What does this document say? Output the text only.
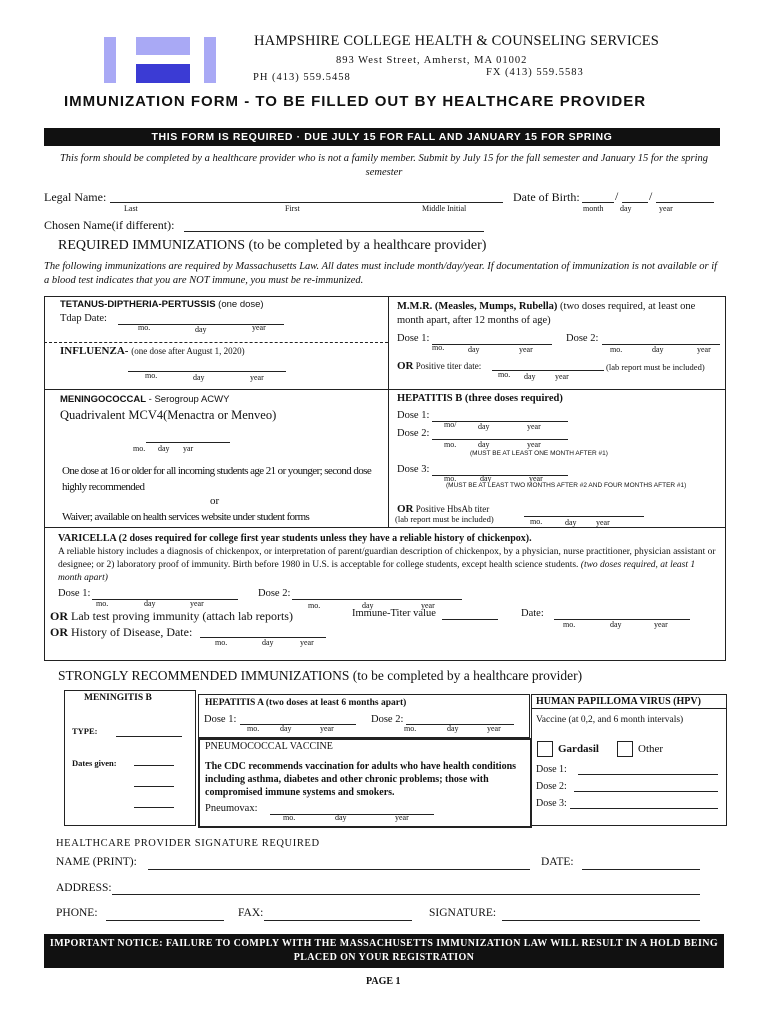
HAMPSHIRE COLLEGE HEALTH & COUNSELING SERVICES
893 West Street, Amherst, MA 01002
PH (413) 559.5458	FX (413) 559.5583
IMMUNIZATION FORM - TO BE FILLED OUT BY HEALTHCARE PROVIDER
THIS FORM IS REQUIRED · DUE JULY 15 FOR FALL AND JANUARY 15 FOR SPRING
This form should be completed by a healthcare provider who is not a family member. Submit by July 15 for the fall semester and January 15 for the spring semester
Legal Name:
Last	First	Middle Initial
Date of Birth:	/	/
month day	year
Chosen Name(if different):
REQUIRED IMMUNIZATIONS (to be completed by a healthcare provider)
The following immunizations are required by Massachusetts Law. All dates must include month/day/year. If documentation of immunization is not available or if a blood test indicates that you are NOT immune, you must be re-immunized.
TETANUS-DIPTHERIA-PERTUSSIS (one dose)
Tdap Date:
mo.	day	year
INFLUENZA- (one dose after August 1, 2020)
mo.	day	year
M.M.R. (Measles, Mumps, Rubella) (two doses required, at least one month apart, after 12 months of age)
Dose 1:
mo.	day	year
Dose 2:
mo.	day	year
OR Positive titer date:
mo. day year
(lab report must be included)
MENINGOCOCCAL - Serogroup ACWY
Quadrivalent MCV4(Menactra or Menveo)
mo. day yar
One dose at 16 or older for all incoming students age 21 or younger; second dose highly recommended
or
Waiver; available on health services website under student forms
HEPATITIS B (three doses required)
Dose 1:
mo/	day	year
Dose 2:
mo.	day	year
(MUST BE AT LEAST ONE MONTH AFTER #1)
Dose 3:
mo.	day	year
(MUST BE AT LEAST TWO MONTHS AFTER #2 AND FOUR MONTHS AFTER #1)
OR Positive HbsAb titer
(lab report must be included)	mo.	day year
VARICELLA (2 doses required for college first year students unless they have a reliable history of chickenpox).
A reliable history includes a diagnosis of chickenpox, or interpretation of parent/guardian description of chickenpox, by a physician, nurse practitioner, physician assistant or designee; or 2) laboratory proof of immunity. Birth before 1980 in U.S. is acceptable for college students, except health science students. (two doses required, at least 1 month apart)
Dose 1:
mo.	day	year
Dose 2:
mo.	day	year
OR Lab test proving immunity (attach lab reports)
OR History of Disease, Date:
mo.	day	year
Immune-Titer value	Date:
mo.	day	year
STRONGLY RECOMMENDED IMMUNIZATIONS (to be completed by a healthcare provider)
MENINGITIS B
TYPE:
Dates given:
HEPATITIS A (two doses at least 6 months apart)
Dose 1:
mo.	day	year
Dose 2:
mo.	day	year
PNEUMOCOCCAL VACCINE
The CDC recommends vaccination for adults who have health conditions including asthma, diabetes and other chronic problems; those with compromised immune systems and smokers.
Pneumovax:
mo.	day	year
HUMAN PAPILLOMA VIRUS (HPV)
Vaccine (at 0,2, and 6 month intervals)
Gardasil	Other
Dose 1:
Dose 2:
Dose 3:
HEALTHCARE PROVIDER SIGNATURE REQUIRED
NAME (PRINT):	DATE:
ADDRESS:
PHONE:	FAX:	SIGNATURE:
IMPORTANT NOTICE: FAILURE TO COMPLY WITH THE MASSACHUSETTS IMMUNIZATION LAW WILL RESULT IN A HOLD BEING PLACED ON YOUR REGISTRATION
PAGE 1
